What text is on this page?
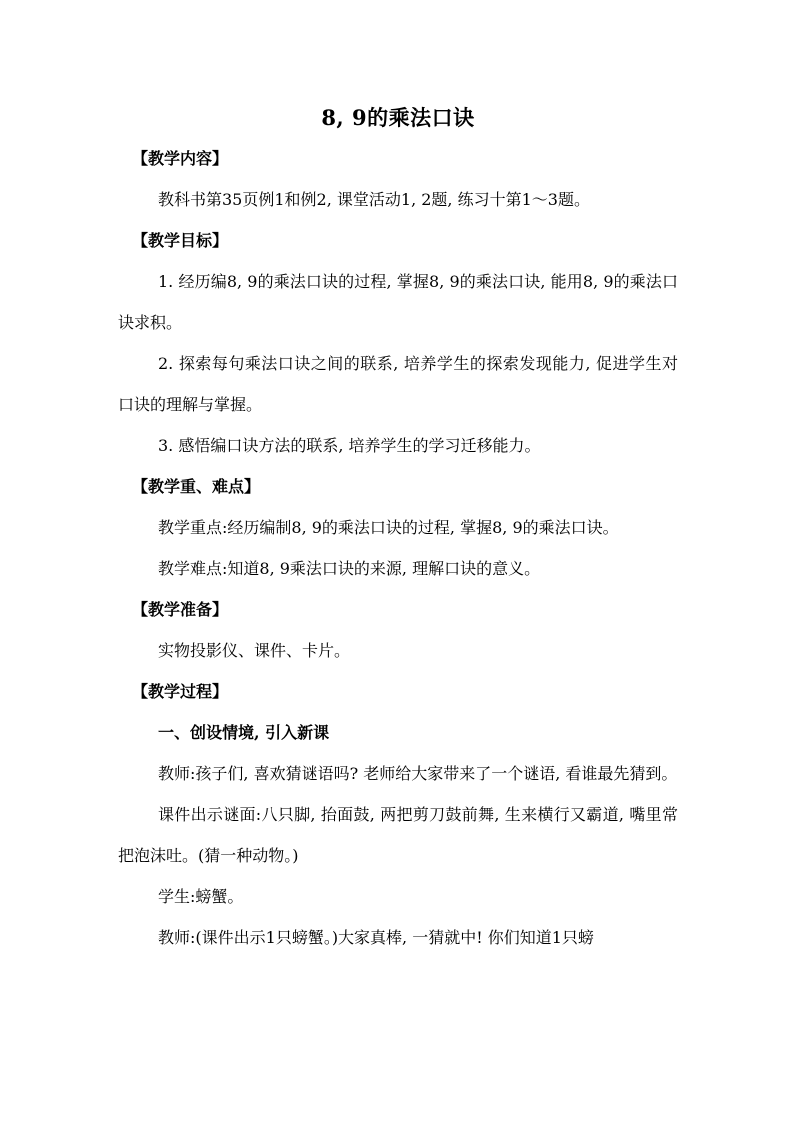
8, 9的乘法口诀
【教学内容】

教科书第35页例1和例2, 课堂活动1, 2题, 练习十第1～3题。

【教学目标】

1. 经历编8, 9的乘法口诀的过程, 掌握8, 9的乘法口诀, 能用8, 9的乘法口诀求积。

2. 探索每句乘法口诀之间的联系, 培养学生的探索发现能力, 促进学生对口诀的理解与掌握。

3. 感悟编口诀方法的联系, 培养学生的学习迁移能力。

【教学重、难点】

教学重点:经历编制8, 9的乘法口诀的过程, 掌握8, 9的乘法口诀。

教学难点:知道8, 9乘法口诀的来源, 理解口诀的意义。

【教学准备】

实物投影仪、课件、卡片。

【教学过程】
一、创设情境, 引入新课

教师:孩子们, 喜欢猜谜语吗? 老师给大家带来了一个谜语, 看谁最先猜到。

课件出示谜面:八只脚, 抬面鼓, 两把剪刀鼓前舞, 生来横行又霸道, 嘴里常把泡沫吐。(猜一种动物。)

学生:螃蟹。

教师:(课件出示1只螃蟹。)大家真棒, 一猜就中! 你们知道1只螃
